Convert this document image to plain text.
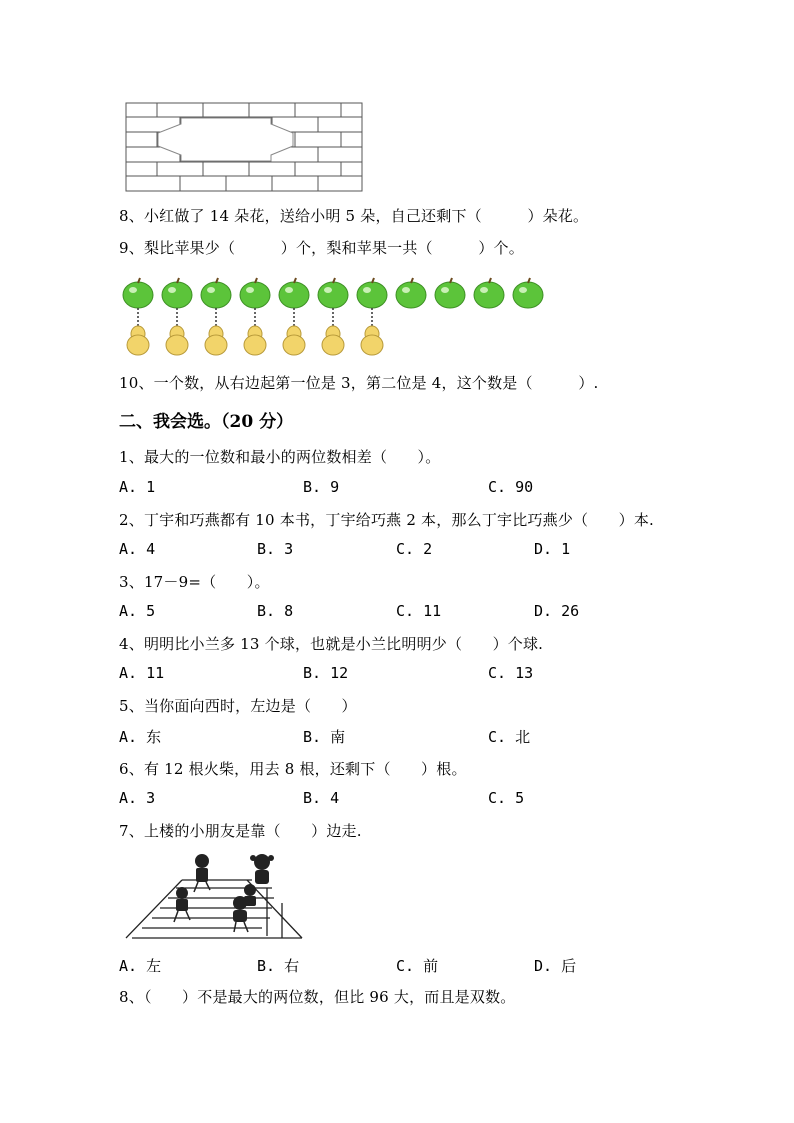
8、小红做了 14 朵花，送给小明 5 朵，自己还剩下（　　　）朵花。
9、梨比苹果少（　　　）个，梨和苹果一共（　　　）个。
10、一个数，从右边起第一位是 3，第二位是 4，这个数是（　　　）.
二、我会选。（20 分）
1、最大的一位数和最小的两位数相差（　　）。
A. 1	B. 9	C. 90
2、丁宇和巧燕都有 10 本书，丁宇给巧燕 2 本，那么丁宇比巧燕少（　　）本.
A. 4	B. 3	C. 2	D. 1
3、17－9=（　　）。
A. 5	B. 8	C. 11	D. 26
4、明明比小兰多 13 个球，也就是小兰比明明少（　　）个球.
A. 11	B. 12	C. 13
5、当你面向西时，左边是（　　）
A. 东	B. 南	C. 北
6、有 12 根火柴，用去 8 根，还剩下（　　）根。
A. 3	B. 4	C. 5
7、上楼的小朋友是靠（　　）边走.
A. 左	B. 右	C. 前	D. 后
8、（　　）不是最大的两位数，但比 96 大，而且是双数。
